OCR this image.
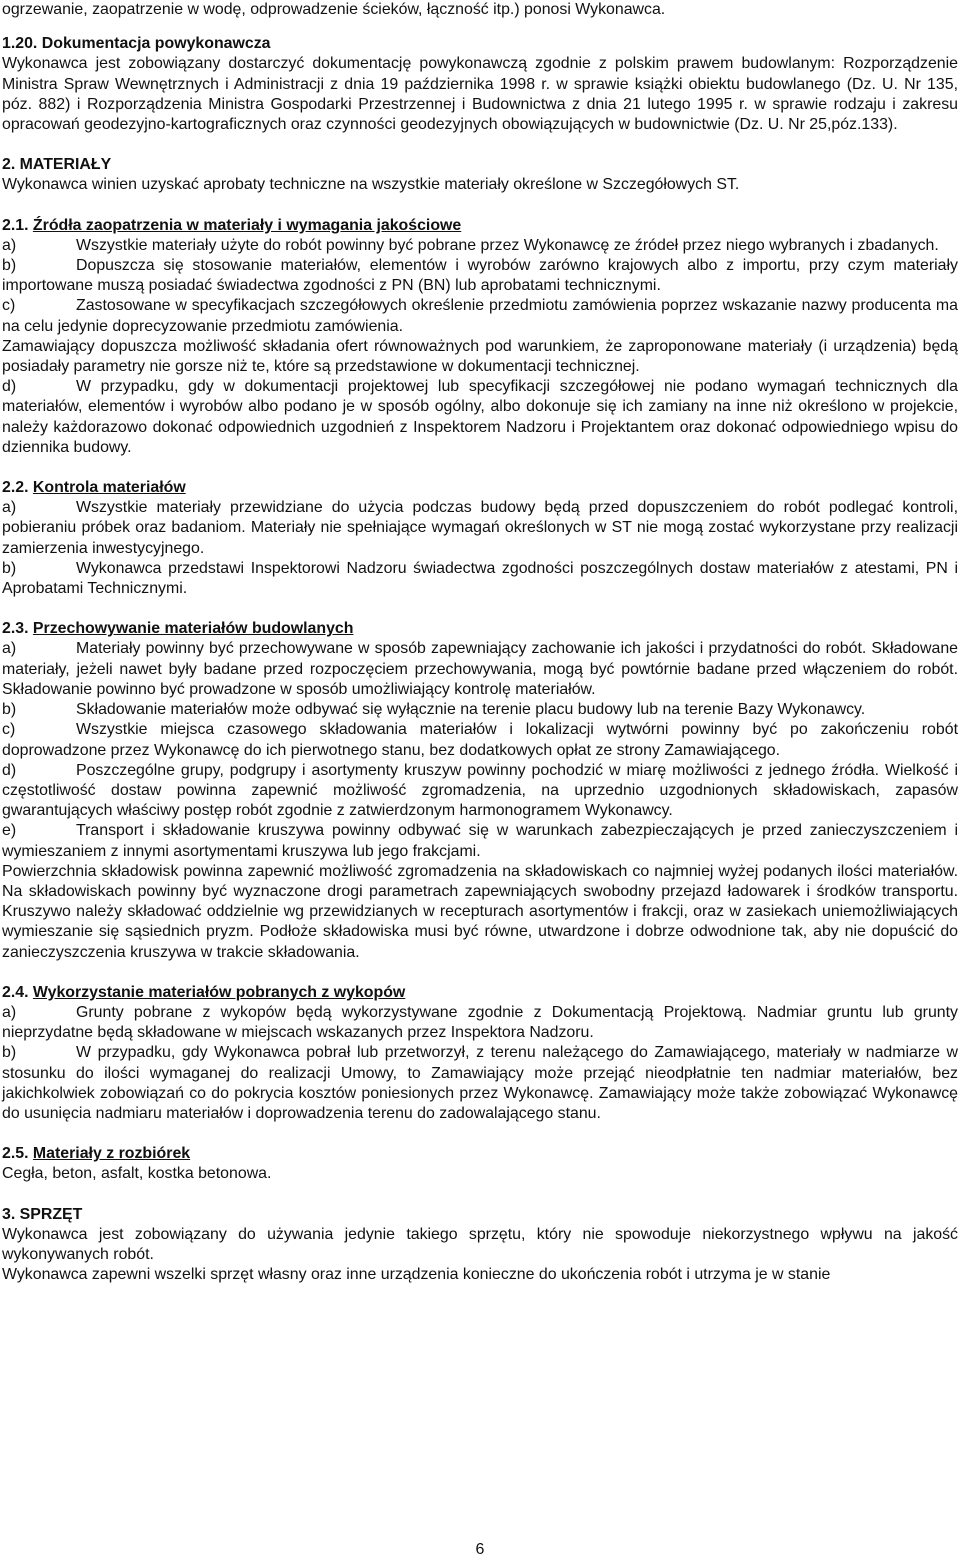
ogrzewanie, zaopatrzenie w wodę, odprowadzenie ścieków, łączność itp.) ponosi Wykonawca.

1.20. Dokumentacja powykonawcza

Wykonawca jest zobowiązany dostarczyć dokumentację powykonawczą zgodnie z polskim prawem budowlanym: Rozporządzenie Ministra Spraw Wewnętrznych i Administracji z dnia 19 października 1998 r. w sprawie książki obiektu budowlanego (Dz. U. Nr 135, póz. 882) i Rozporządzenia Ministra Gospodarki Przestrzennej i Budownictwa z dnia 21 lutego 1995 r. w sprawie rodzaju i zakresu opracowań geodezyjno-kartograficznych oraz czynności geodezyjnych obowiązujących w budownictwie (Dz. U. Nr 25,póz.133).

2. MATERIAŁY

Wykonawca winien uzyskać aprobaty techniczne na wszystkie materiały określone w Szczegółowych ST.

2.1. Źródła zaopatrzenia w materiały i wymagania jakościowe

a)	Wszystkie materiały użyte do robót powinny być pobrane przez Wykonawcę ze źródeł przez niego wybranych i zbadanych.

b)	Dopuszcza się stosowanie materiałów, elementów i wyrobów zarówno krajowych albo z importu, przy czym materiały importowane muszą posiadać świadectwa zgodności z PN (BN) lub aprobatami technicznymi.

c)	Zastosowane w specyfikacjach szczegółowych określenie przedmiotu zamówienia poprzez wskazanie nazwy producenta ma na celu jedynie doprecyzowanie przedmiotu zamówienia.

Zamawiający dopuszcza możliwość składania ofert równoważnych pod warunkiem, że zaproponowane materiały (i urządzenia) będą posiadały parametry nie gorsze niż te, które są przedstawione w dokumentacji technicznej.

d)	W przypadku, gdy w dokumentacji projektowej lub specyfikacji szczegółowej nie podano wymagań technicznych dla materiałów, elementów i wyrobów albo podano je w sposób ogólny, albo dokonuje się ich zamiany na inne niż określono w projekcie, należy każdorazowo dokonać odpowiednich uzgodnień z Inspektorem Nadzoru i Projektantem oraz dokonać odpowiedniego wpisu do dziennika budowy.

2.2. Kontrola materiałów

a)	Wszystkie materiały przewidziane do użycia podczas budowy będą przed dopuszczeniem do robót podlegać kontroli, pobieraniu próbek oraz badaniom. Materiały nie spełniające wymagań określonych w ST nie mogą zostać wykorzystane przy realizacji zamierzenia inwestycyjnego.

b)	Wykonawca przedstawi Inspektorowi Nadzoru świadectwa zgodności poszczególnych dostaw materiałów z atestami, PN i Aprobatami Technicznymi.

2.3. Przechowywanie materiałów budowlanych

a)	Materiały powinny być przechowywane w sposób zapewniający zachowanie ich jakości i przydatności do robót. Składowane materiały, jeżeli nawet były badane przed rozpoczęciem przechowywania, mogą być powtórnie badane przed włączeniem do robót. Składowanie powinno być prowadzone w sposób umożliwiający kontrolę materiałów.

b)	Składowanie materiałów może odbywać się wyłącznie na terenie placu budowy lub na terenie Bazy Wykonawcy.

c)	Wszystkie miejsca czasowego składowania materiałów i lokalizacji wytwórni powinny być po zakończeniu robót doprowadzone przez Wykonawcę do ich pierwotnego stanu, bez dodatkowych opłat ze strony Zamawiającego.

d)	Poszczególne grupy, podgrupy i asortymenty kruszyw powinny pochodzić w miarę możliwości z jednego źródła. Wielkość i częstotliwość dostaw powinna zapewnić możliwość zgromadzenia, na uprzednio uzgodnionych składowiskach, zapasów gwarantujących właściwy postęp robót zgodnie z zatwierdzonym harmonogramem Wykonawcy.

e)	Transport i składowanie kruszywa powinny odbywać się w warunkach zabezpieczających je przed zanieczyszczeniem i wymieszaniem z innymi asortymentami kruszywa lub jego frakcjami.

Powierzchnia składowisk powinna zapewnić możliwość zgromadzenia na składowiskach co najmniej wyżej podanych ilości materiałów. Na składowiskach powinny być wyznaczone drogi parametrach zapewniających swobodny przejazd ładowarek i środków transportu. Kruszywo należy składować oddzielnie wg przewidzianych w recepturach asortymentów i frakcji, oraz w zasiekach uniemożliwiających wymieszanie się sąsiednich pryzm. Podłoże składowiska musi być równe, utwardzone i dobrze odwodnione tak, aby nie dopuścić do zanieczyszczenia kruszywa w trakcie składowania.

2.4. Wykorzystanie materiałów pobranych z wykopów

a)	Grunty pobrane z wykopów będą wykorzystywane zgodnie z Dokumentacją Projektową. Nadmiar gruntu lub grunty nieprzydatne będą składowane w miejscach wskazanych przez Inspektora Nadzoru.

b)	W przypadku, gdy Wykonawca pobrał lub przetworzył, z terenu należącego do Zamawiającego, materiały w nadmiarze w stosunku do ilości wymaganej do realizacji Umowy, to Zamawiający może przejąć nieodpłatnie ten nadmiar materiałów, bez jakichkolwiek zobowiązań co do pokrycia kosztów poniesionych przez Wykonawcę. Zamawiający może także zobowiązać Wykonawcę do usunięcia nadmiaru materiałów i doprowadzenia terenu do zadowalającego stanu.

2.5. Materiały z rozbiórek

Cegła, beton, asfalt, kostka betonowa.

3. SPRZĘT

Wykonawca jest zobowiązany do używania jedynie takiego sprzętu, który nie spowoduje niekorzystnego wpływu na jakość wykonywanych robót.

Wykonawca zapewni wszelki sprzęt własny oraz inne urządzenia konieczne do ukończenia robót i utrzyma je w stanie

6
